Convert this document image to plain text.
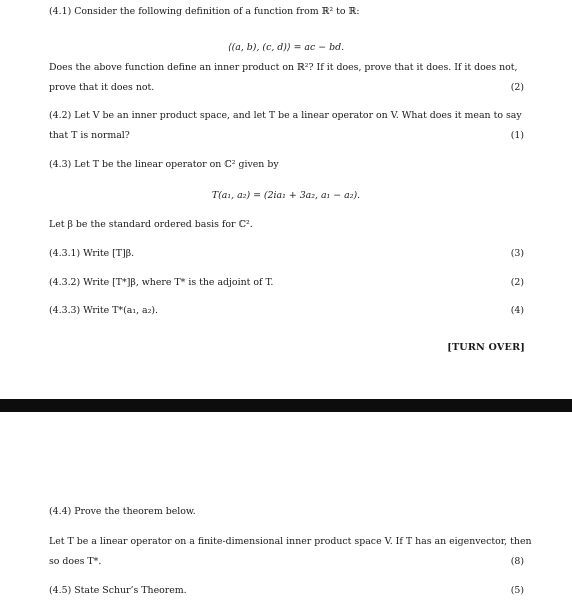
(4.1) Consider the following definition of a function from ℝ² to ℝ:
⟨(a, b), (c, d)⟩ = ac − bd.
Does the above function define an inner product on ℝ²? If it does, prove that it does. If it does not,
prove that it does not.	(2)
(4.2) Let V be an inner product space, and let T be a linear operator on V. What does it mean to say
that T is normal?	(1)
(4.3) Let T be the linear operator on ℂ² given by
T(a₁, a₂) = (2ia₁ + 3a₂, a₁ − a₂).
Let β be the standard ordered basis for ℂ².
(4.3.1) Write [T]β.	(3)
(4.3.2) Write [T*]β, where T* is the adjoint of T.	(2)
(4.3.3) Write T*(a₁, a₂).	(4)
[TURN OVER]
(4.4) Prove the theorem below.
Let T be a linear operator on a finite-dimensional inner product space V. If T has an eigenvector, then
so does T*.	(8)
(4.5) State Schur’s Theorem.	(5)
